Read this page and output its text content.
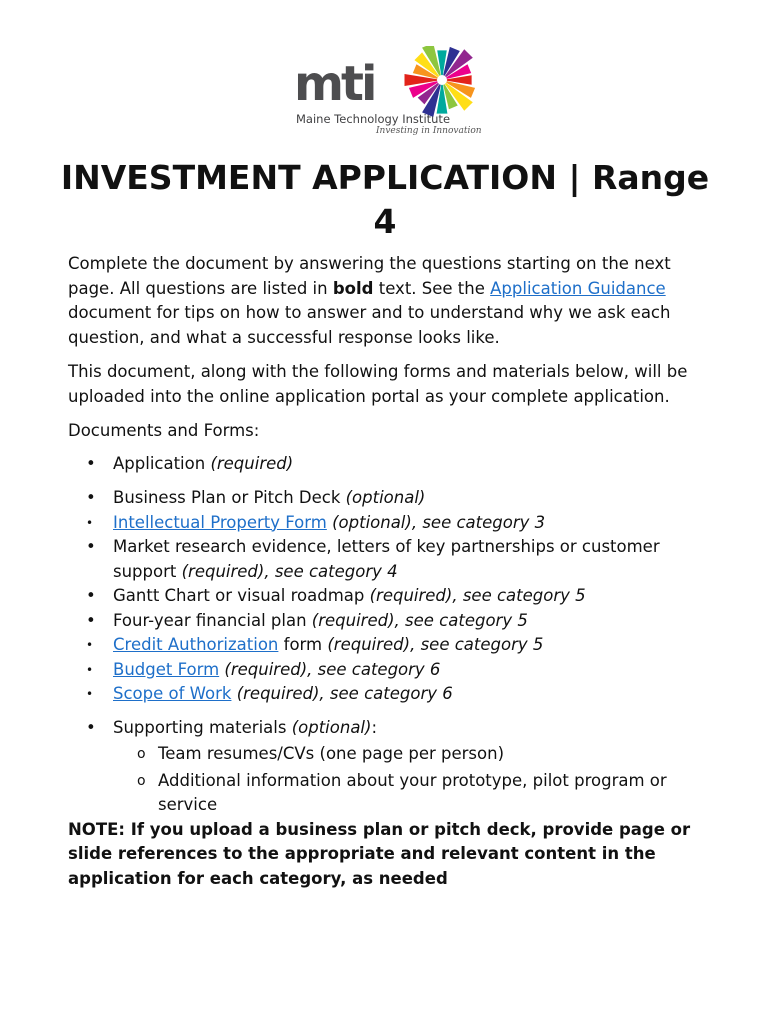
mti
Maine Technology Institute
Investing in Innovation
INVESTMENT APPLICATION | Range 4

Complete the document by answering the questions starting on the next page. All questions are listed in bold text. See the Application Guidance document for tips on how to answer and to understand why we ask each question, and what a successful response looks like.

This document, along with the following forms and materials below, will be uploaded into the online application portal as your complete application.

Documents and Forms:

• Application (required)
• Business Plan or Pitch Deck (optional)
• Intellectual Property Form (optional), see category 3
• Market research evidence, letters of key partnerships or customer support (required), see category 4
• Gantt Chart or visual roadmap (required), see category 5
• Four-year financial plan (required), see category 5
• Credit Authorization form (required), see category 5
• Budget Form (required), see category 6
• Scope of Work (required), see category 6
• Supporting materials (optional):
o Team resumes/CVs (one page per person)
o Additional information about your prototype, pilot program or service
NOTE: If you upload a business plan or pitch deck, provide page or slide references to the appropriate and relevant content in the application for each category, as needed
